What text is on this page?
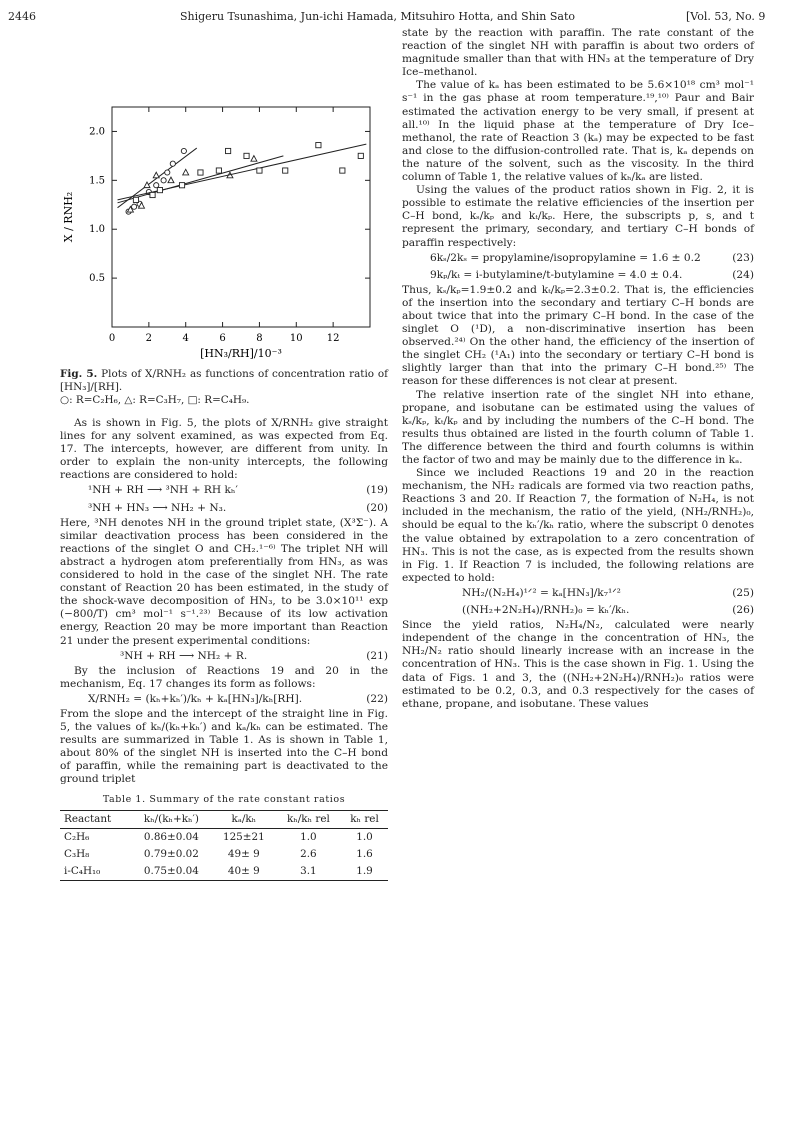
2446	Shigeru Tsunashima, Jun-ichi Hamada, Mitsuhiro Hotta, and Shin Sato	[Vol. 53, No. 9
0	2	4	6	8	10 12
0.5
1.0
1.5
2.0
[HN₃/RH]/10⁻³
X / RNH₂
Fig. 5. Plots of X/RNH₂ as functions of concentration ratio of [HN₃]/[RH].
○: R=C₂H₆, △: R=C₃H₇, □: R=C₄H₉.

As is shown in Fig. 5, the plots of X/RNH₂ give straight lines for any solvent examined, as was expected from Eq. 17. The intercepts, however, are different from unity. In order to explain the non-unity intercepts, the following reactions are considered to hold:

¹NH + RH ⟶ ³NH + RH kₕ′	(19)
³NH + HN₃ ⟶ NH₂ + N₃.	(20)

Here, ³NH denotes NH in the ground triplet state, (X³Σ⁻). A similar deactivation process has been considered in the reactions of the singlet O and CH₂.¹⁻⁶⁾ The triplet NH will abstract a hydrogen atom preferentially from HN₃, as was considered to hold in the case of the singlet NH. The rate constant of Reaction 20 has been estimated, in the study of the shock-wave decomposition of HN₃, to be 3.0×10¹¹ exp (−800/T) cm³ mol⁻¹ s⁻¹.²³⁾ Because of its low activation energy, Reaction 20 may be more important than Reaction 21 under the present experimental conditions:

³NH + RH ⟶ NH₂ + R.	(21)

By the inclusion of Reactions 19 and 20 in the mechanism, Eq. 17 changes its form as follows:

X/RNH₂ = (kₕ+kₕ′)/kₕ + kₐ[HN₃]/kₕ[RH].	(22)

From the slope and the intercept of the straight line in Fig. 5, the values of kₕ/(kₕ+kₕ′) and kₐ/kₕ can be estimated. The results are summarized in Table 1. As is shown in Table 1, about 80% of the singlet NH is inserted into the C–H bond of paraffin, while the remaining part is deactivated to the ground triplet

Table 1. Summary of the rate constant ratios
Reactant	kₕ/(kₕ+kₕ′)	kₐ/kₕ	kₕ/kₕ rel	kₕ rel
C₂H₆	0.86±0.04	125±21	1.0	1.0
C₃H₈	0.79±0.02	49± 9	2.6	1.6
i-C₄H₁₀	0.75±0.04	40± 9	3.1	1.9

state by the reaction with paraffin. The rate constant of the reaction of the singlet NH with paraffin is about two orders of magnitude smaller than that with HN₃ at the temperature of Dry Ice–methanol.

The value of kₐ has been estimated to be 5.6×10¹⁸ cm³ mol⁻¹ s⁻¹ in the gas phase at room temperature.¹⁹,¹⁰⁾ Paur and Bair estimated the activation energy to be very small, if present at all.¹⁰⁾ In the liquid phase at the temperature of Dry Ice–methanol, the rate of Reaction 3 (kₐ) may be expected to be fast and close to the diffusion-controlled rate. That is, kₐ depends on the nature of the solvent, such as the viscosity. In the third column of Table 1, the relative values of kₕ/kₐ are listed.

Using the values of the product ratios shown in Fig. 2, it is possible to estimate the relative efficiencies of the insertion per C–H bond, kₛ/kₚ and kₜ/kₚ. Here, the subscripts p, s, and t represent the primary, secondary, and tertiary C–H bonds of paraffin respectively:

6kₛ/2kₛ = propylamine/isopropylamine = 1.6 ± 0.2	(23)
9kₚ/kₜ = i-butylamine/t-butylamine = 4.0 ± 0.4.	(24)

Thus, kₛ/kₚ=1.9±0.2 and kₜ/kₚ=2.3±0.2. That is, the efficiencies of the insertion into the secondary and tertiary C–H bonds are about twice that into the primary C–H bond. In the case of the singlet O (¹D), a non-discriminative insertion has been observed.²⁴⁾ On the other hand, the efficiency of the insertion of the singlet CH₂ (¹A₁) into the secondary or tertiary C–H bond is slightly larger than that into the primary C–H bond.²⁵⁾ The reason for these differences is not clear at present.

The relative insertion rate of the singlet NH into ethane, propane, and isobutane can be estimated using the values of kₛ/kₚ, kₜ/kₚ and by including the numbers of the C–H bond. The results thus obtained are listed in the fourth column of Table 1. The difference between the third and fourth columns is within the factor of two and may be mainly due to the difference in kₐ.

Since we included Reactions 19 and 20 in the reaction mechanism, the NH₂ radicals are formed via two reaction paths, Reactions 3 and 20. If Reaction 7, the formation of N₂H₄, is not included in the mechanism, the ratio of the yield, (NH₂/RNH₂)₀, should be equal to the kₕ′/kₕ ratio, where the subscript 0 denotes the value obtained by extrapolation to a zero concentration of HN₃. This is not the case, as is expected from the results shown in Fig. 1. If Reaction 7 is included, the following relations are expected to hold:

NH₂/(N₂H₄)¹ᐟ² = kₐ[HN₃]/k₇¹ᐟ²	(25)
((NH₂+2N₂H₄)/RNH₂)₀ = kₕ′/kₕ.	(26)

Since the yield ratios, N₂H₄/N₂, calculated were nearly independent of the change in the concentration of HN₃, the NH₂/N₂ ratio should linearly increase with an increase in the concentration of HN₃. This is the case shown in Fig. 1. Using the data of Figs. 1 and 3, the ((NH₂+2N₂H₄)/RNH₂)₀ ratios were estimated to be 0.2, 0.3, and 0.3 respectively for the cases of ethane, propane, and isobutane. These values
